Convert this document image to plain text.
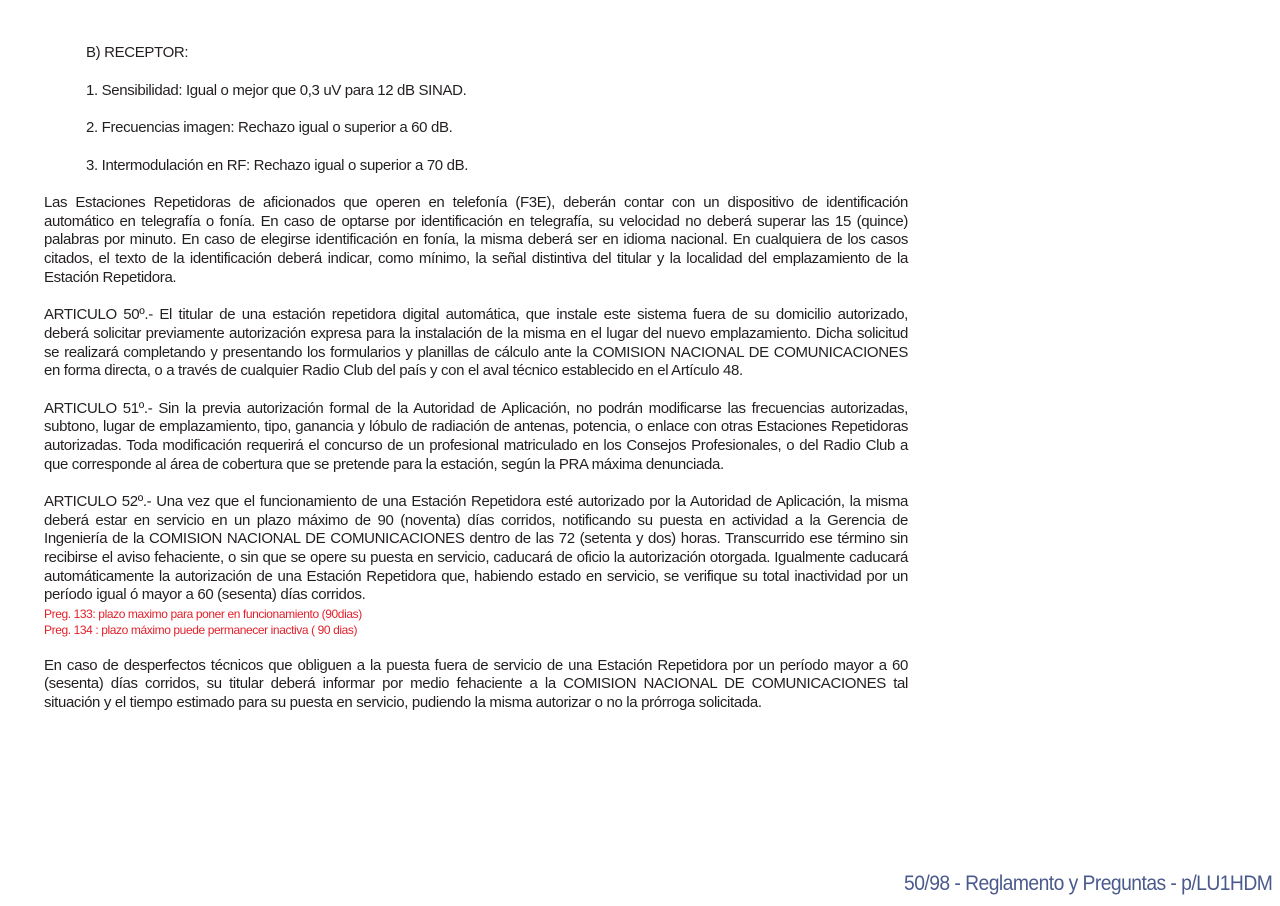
B) RECEPTOR:
1. Sensibilidad: Igual o mejor que 0,3 uV para 12 dB SINAD.
2. Frecuencias imagen: Rechazo igual o superior a 60 dB.
3. Intermodulación en RF: Rechazo igual o superior a 70 dB.

Las Estaciones Repetidoras de aficionados que operen en telefonía (F3E), deberán contar con un dispositivo de identificación automático en telegrafía o fonía. En caso de optarse por identificación en telegrafía, su velocidad no deberá superar las 15 (quince) palabras por minuto. En caso de elegirse identificación en fonía, la misma deberá ser en idioma nacional. En cualquiera de los casos citados, el texto de la identificación deberá indicar, como mínimo, la señal distintiva del titular y la localidad del emplazamiento de la Estación Repetidora.

ARTICULO 50º.- El titular de una estación repetidora digital automática, que instale este sistema fuera de su domicilio autorizado, deberá solicitar previamente autorización expresa para la instalación de la misma en el lugar del nuevo emplazamiento. Dicha solicitud se realizará completando y presentando los formularios y planillas de cálculo ante la COMISION NACIONAL DE COMUNICACIONES en forma directa, o a través de cualquier Radio Club del país y con el aval técnico establecido en el Artículo 48.

ARTICULO 51º.- Sin la previa autorización formal de la Autoridad de Aplicación, no podrán modificarse las frecuencias autorizadas, subtono, lugar de emplazamiento, tipo, ganancia y lóbulo de radiación de antenas, potencia, o enlace con otras Estaciones Repetidoras autorizadas. Toda modificación requerirá el concurso de un profesional matriculado en los Consejos Profesionales, o del Radio Club a que corresponde al área de cobertura que se pretende para la estación, según la PRA máxima denunciada.

ARTICULO 52º.- Una vez que el funcionamiento de una Estación Repetidora esté autorizado por la Autoridad de Aplicación, la misma deberá estar en servicio en un plazo máximo de 90 (noventa) días corridos, notificando su puesta en actividad a la Gerencia de Ingeniería de la COMISION NACIONAL DE COMUNICACIONES dentro de las 72 (setenta y dos) horas. Transcurrido ese término sin recibirse el aviso fehaciente, o sin que se opere su puesta en servicio, caducará de oficio la autorización otorgada. Igualmente caducará automáticamente la autorización de una Estación Repetidora que, habiendo estado en servicio, se verifique su total inactividad por un período igual ó mayor a 60 (sesenta) días corridos.

Preg. 133: plazo maximo para poner en funcionamiento (90dias)
Preg. 134 : plazo máximo puede permanecer inactiva ( 90 dias)

En caso de desperfectos técnicos que obliguen a la puesta fuera de servicio de una Estación Repetidora por un período mayor a 60 (sesenta) días corridos, su titular deberá informar por medio fehaciente a la COMISION NACIONAL DE COMUNICACIONES tal situación y el tiempo estimado para su puesta en servicio, pudiendo la misma autorizar o no la prórroga solicitada.

50/98 - Reglamento y Preguntas - p/LU1HDM
